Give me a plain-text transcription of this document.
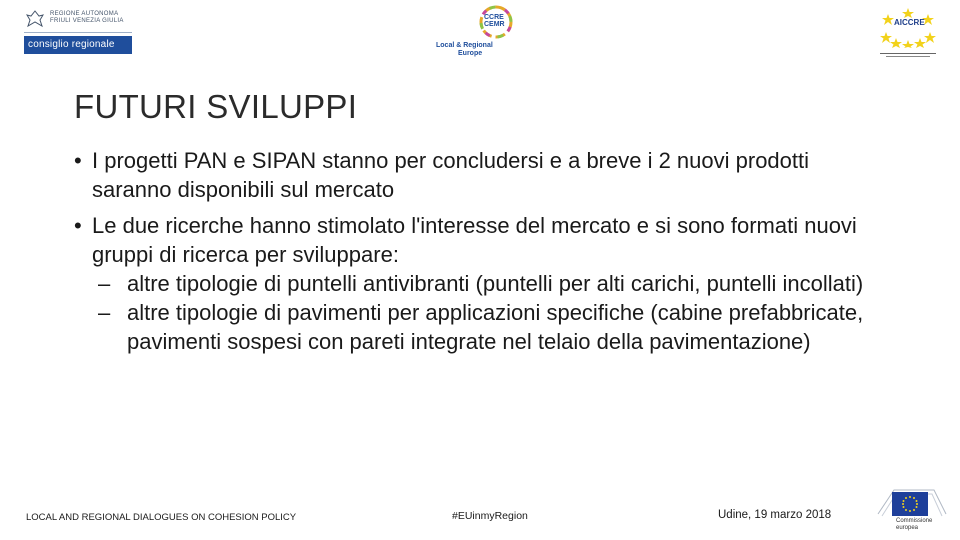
REGIONE AUTONOMA
FRIULI VENEZIA GIULIA
consiglio regionale
CCRE
CEMR
Local & Regional
Europe
AICCRE
FUTURI SVILUPPI
• I progetti PAN e SIPAN stanno per concludersi e a breve i 2 nuovi prodotti saranno disponibili sul mercato
• Le due ricerche hanno stimolato l'interesse del mercato e si sono formati nuovi gruppi di ricerca per sviluppare:
– altre tipologie di puntelli antivibranti (puntelli per alti carichi, puntelli incollati)
– altre tipologie di pavimenti per applicazioni specifiche (cabine prefabbricate, pavimenti sospesi con pareti integrate nel telaio della pavimentazione)
LOCAL AND REGIONAL DIALOGUES ON COHESION POLICY	#EUinmyRegion	Udine, 19 marzo 2018	Commissione
europea
